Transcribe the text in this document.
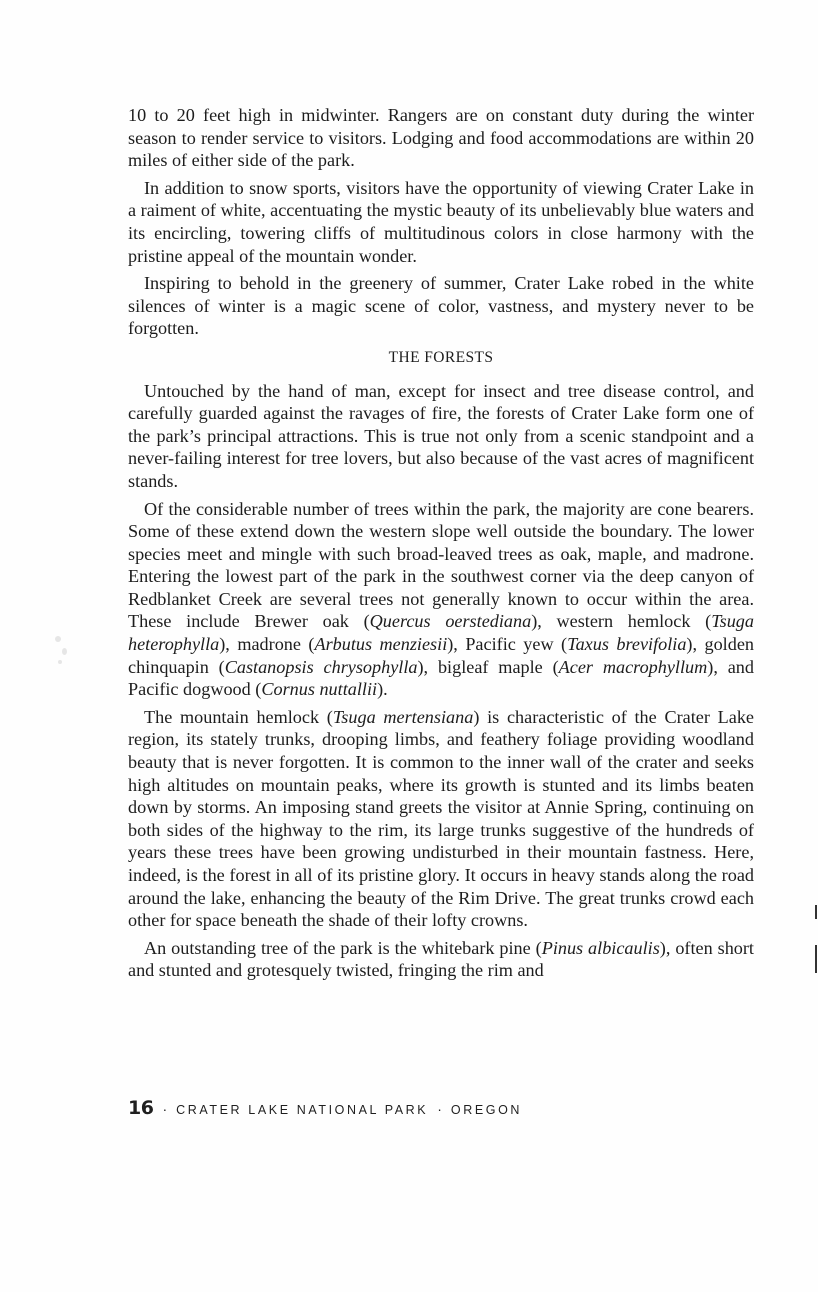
10 to 20 feet high in midwinter. Rangers are on constant duty during the winter season to render service to visitors. Lodging and food accommodations are within 20 miles of either side of the park.

In addition to snow sports, visitors have the opportunity of viewing Crater Lake in a raiment of white, accentuating the mystic beauty of its unbelievably blue waters and its encircling, towering cliffs of multitudinous colors in close harmony with the pristine appeal of the mountain wonder.

Inspiring to behold in the greenery of summer, Crater Lake robed in the white silences of winter is a magic scene of color, vastness, and mystery never to be forgotten.

THE FORESTS

Untouched by the hand of man, except for insect and tree disease control, and carefully guarded against the ravages of fire, the forests of Crater Lake form one of the park’s principal attractions. This is true not only from a scenic standpoint and a never-failing interest for tree lovers, but also because of the vast acres of magnificent stands.

Of the considerable number of trees within the park, the majority are cone bearers. Some of these extend down the western slope well outside the boundary. The lower species meet and mingle with such broad-leaved trees as oak, maple, and madrone. Entering the lowest part of the park in the southwest corner via the deep canyon of Redblanket Creek are several trees not generally known to occur within the area. These include Brewer oak (Quercus oerstediana), western hemlock (Tsuga heterophylla), madrone (Arbutus menziesii), Pacific yew (Taxus brevifolia), golden chinquapin (Castanopsis chrysophylla), bigleaf maple (Acer macrophyllum), and Pacific dogwood (Cornus nuttallii).

The mountain hemlock (Tsuga mertensiana) is characteristic of the Crater Lake region, its stately trunks, drooping limbs, and feathery foliage providing woodland beauty that is never forgotten. It is common to the inner wall of the crater and seeks high altitudes on mountain peaks, where its growth is stunted and its limbs beaten down by storms. An imposing stand greets the visitor at Annie Spring, continuing on both sides of the highway to the rim, its large trunks suggestive of the hundreds of years these trees have been growing undisturbed in their mountain fastness. Here, indeed, is the forest in all of its pristine glory. It occurs in heavy stands along the road around the lake, enhancing the beauty of the Rim Drive. The great trunks crowd each other for space beneath the shade of their lofty crowns.

An outstanding tree of the park is the whitebark pine (Pinus albicaulis), often short and stunted and grotesquely twisted, fringing the rim and

16 · CRATER LAKE NATIONAL PARK · OREGON
